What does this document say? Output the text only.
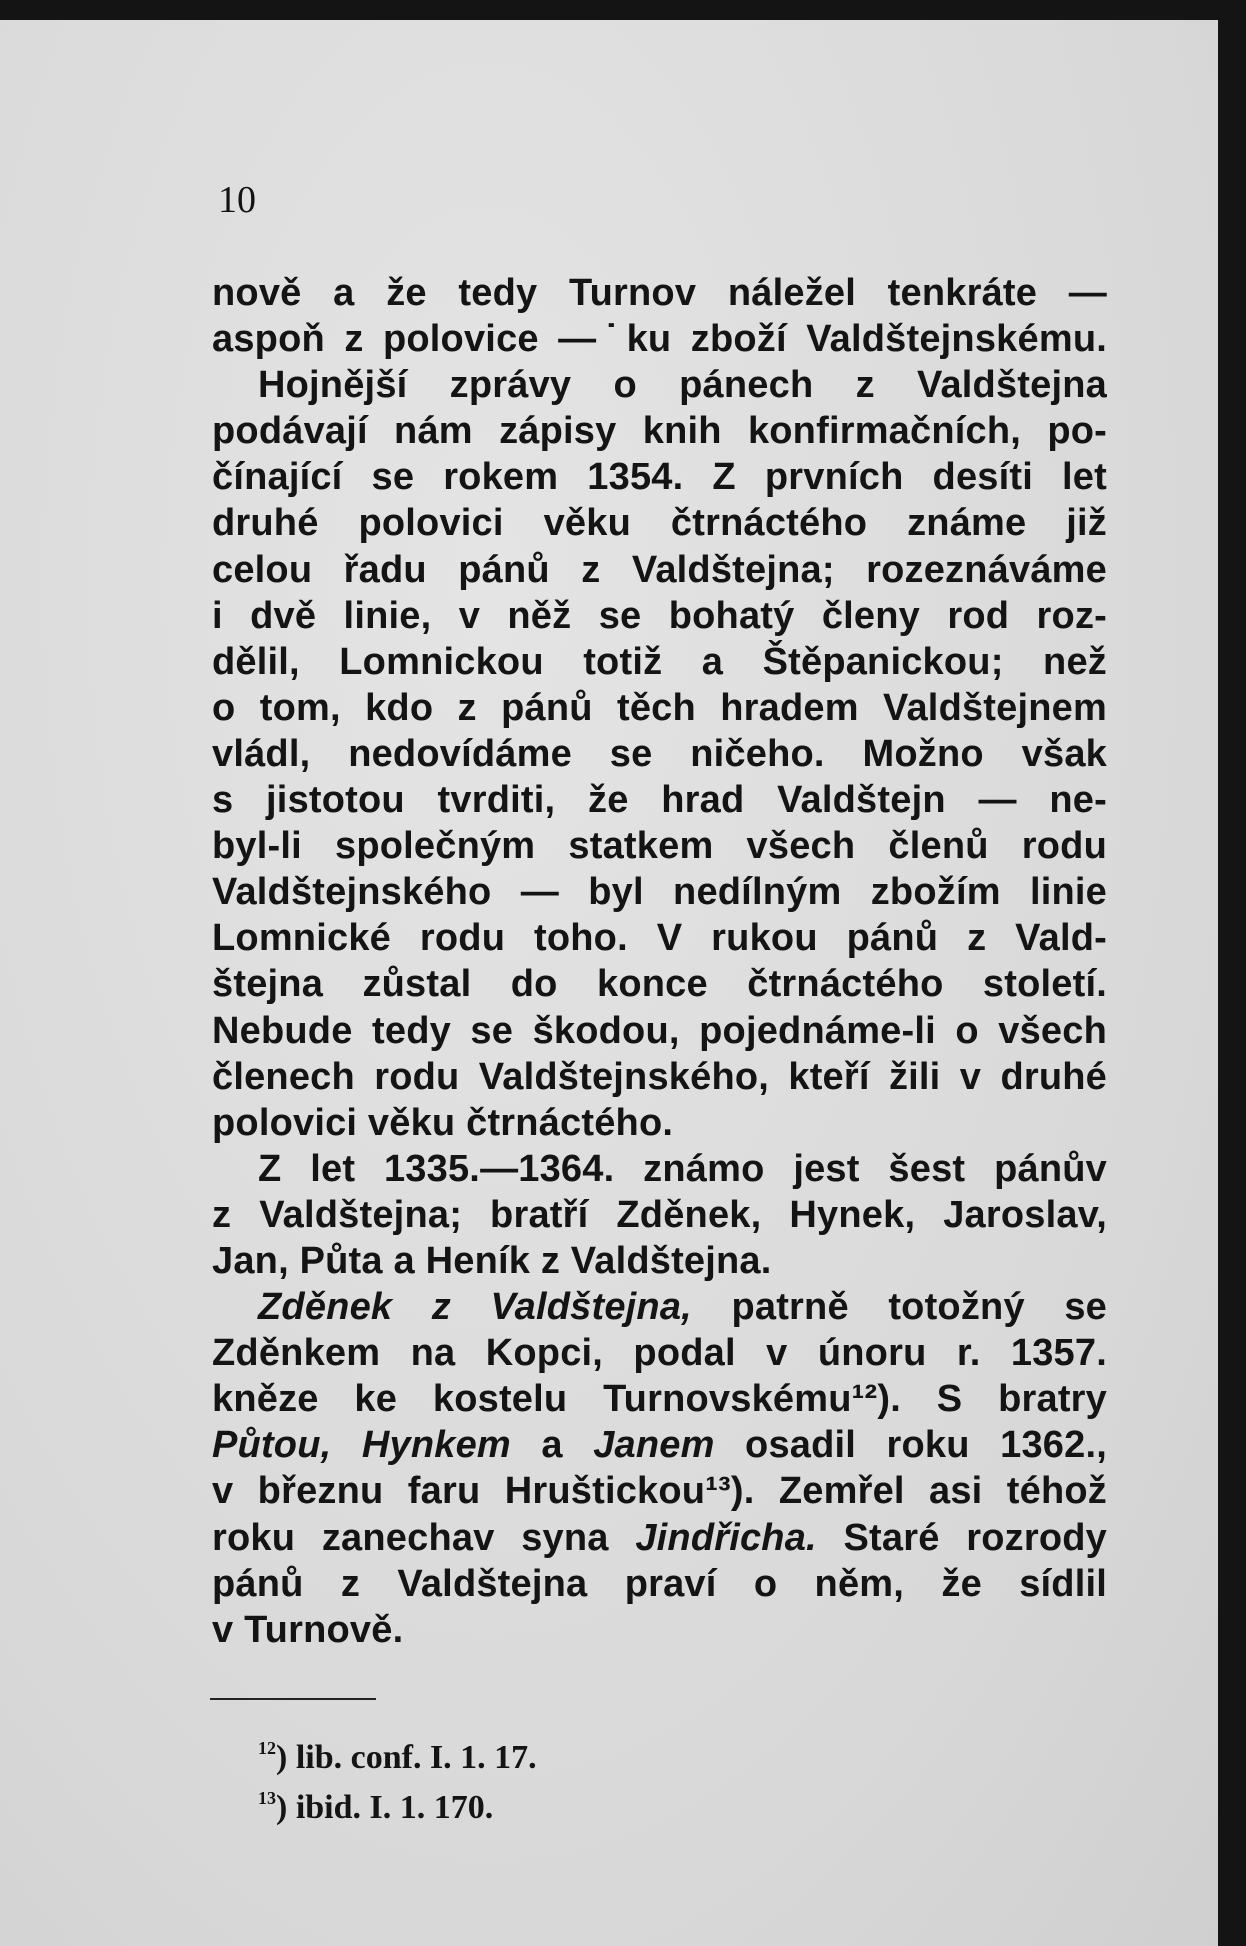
10
nově a že tedy Turnov náležel tenkráte —
aspoň z polovice —˙ku zboží Valdštejnskému.
Hojnější zprávy o pánech z Valdštejna
podávají nám zápisy knih konfirmačních, po-
čínající se rokem 1354. Z prvních desíti let
druhé polovici věku čtrnáctého známe již
celou řadu pánů z Valdštejna; rozeznáváme
i dvě linie, v něž se bohatý členy rod roz-
dělil, Lomnickou totiž a Štěpanickou; než
o tom, kdo z pánů těch hradem Valdštejnem
vládl, nedovídáme se ničeho. Možno však
s jistotou tvrditi, že hrad Valdštejn — ne-
byl-li společným statkem všech členů rodu
Valdštejnského — byl nedílným zbožím linie
Lomnické rodu toho. V rukou pánů z Vald-
štejna zůstal do konce čtrnáctého století.
Nebude tedy se škodou, pojednáme-li o všech
členech rodu Valdštejnského, kteří žili v druhé
polovici věku čtrnáctého.
Z let 1335.—1364. známo jest šest pánův
z Valdštejna; bratří Zděnek, Hynek, Jaroslav,
Jan, Půta a Heník z Valdštejna.
Zděnek z Valdštejna, patrně totožný se
Zděnkem na Kopci, podal v únoru r. 1357.
kněze ke kostelu Turnovskému¹²). S bratry
Půtou, Hynkem a Janem osadil roku 1362.,
v březnu faru Hruštickou¹³). Zemřel asi téhož
roku zanechav syna Jindřicha. Staré rozrody
pánů z Valdštejna praví o něm, že sídlil
v Turnově.
$^{12}$) lib. conf. I. 1. 17.
$^{13}$) ibid. I. 1. 170.
